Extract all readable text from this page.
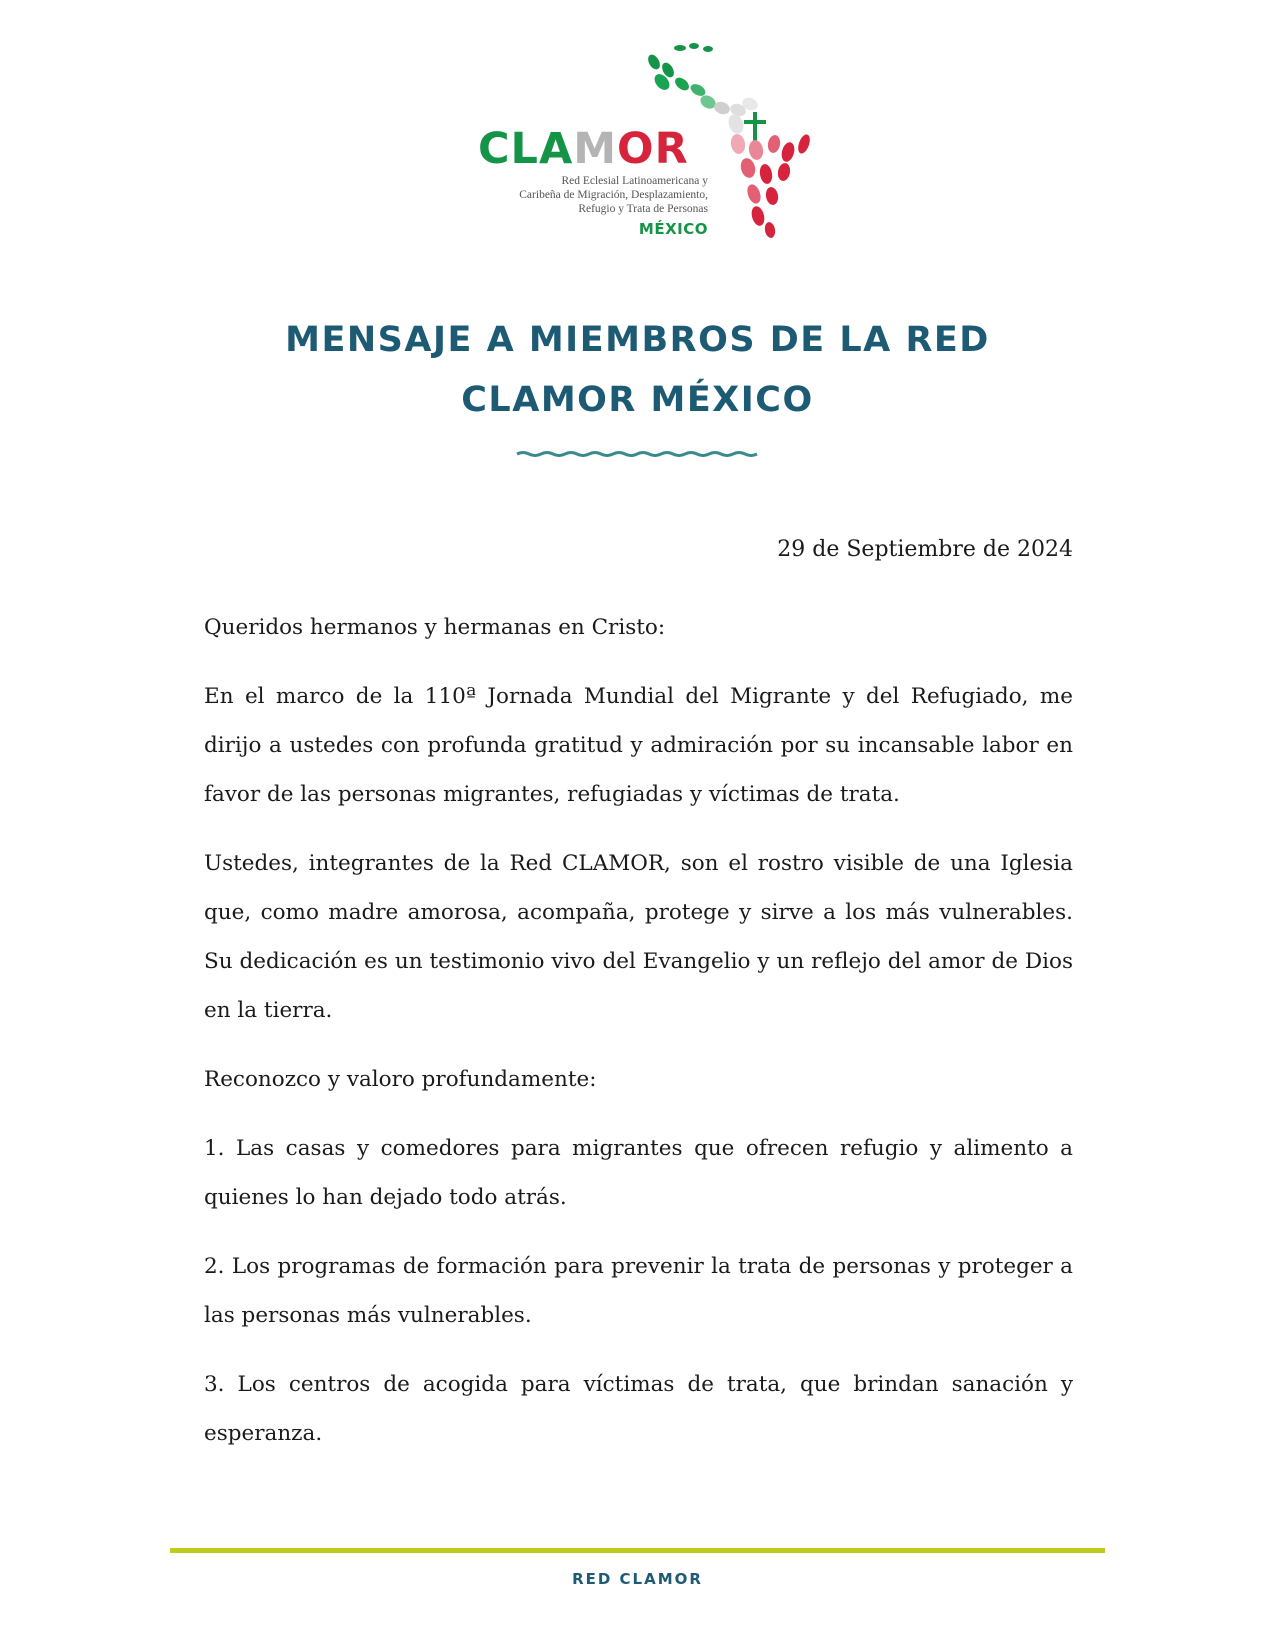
CLAMOR
Red Eclesial Latinoamericana y
Caribeña de Migración, Desplazamiento,
Refugio y Trata de Personas
MÉXICO
MENSAJE A MIEMBROS DE LA RED
CLAMOR MÉXICO
29 de Septiembre de 2024

Queridos hermanos y hermanas en Cristo:

En el marco de la 110ª Jornada Mundial del Migrante y del Refugiado, me dirijo a ustedes con profunda gratitud y admiración por su incansable labor en favor de las personas migrantes, refugiadas y víctimas de trata.

Ustedes, integrantes de la Red CLAMOR, son el rostro visible de una Iglesia que, como madre amorosa, acompaña, protege y sirve a los más vulnerables. Su dedicación es un testimonio vivo del Evangelio y un reflejo del amor de Dios en la tierra.

Reconozco y valoro profundamente:

1. Las casas y comedores para migrantes que ofrecen refugio y alimento a quienes lo han dejado todo atrás.

2. Los programas de formación para prevenir la trata de personas y proteger a las personas más vulnerables.

3. Los centros de acogida para víctimas de trata, que brindan sanación y esperanza.

RED CLAMOR
